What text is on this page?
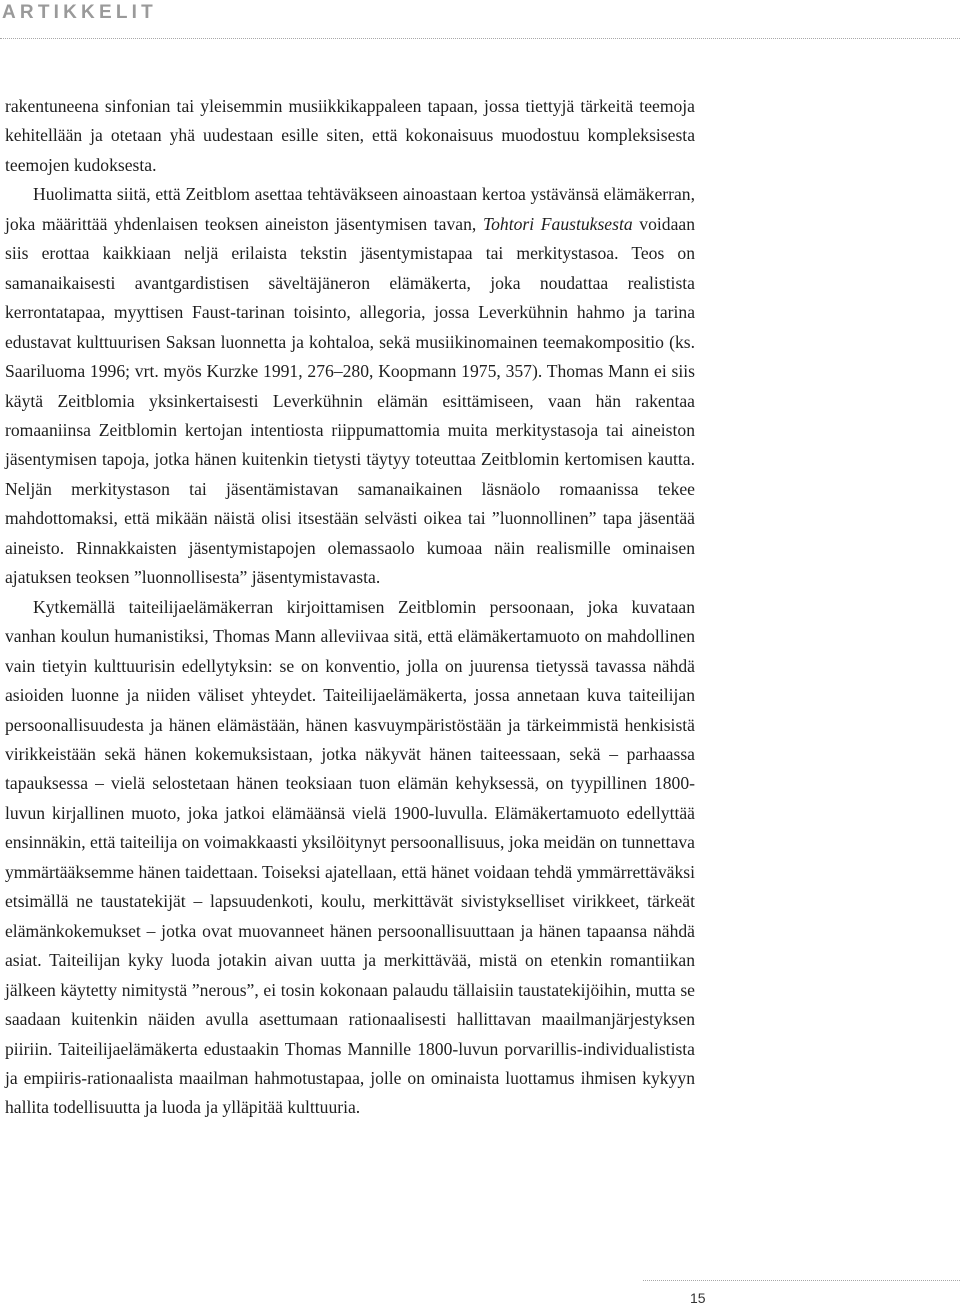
ARTIKKELIT

rakentuneena sinfonian tai yleisemmin musiikkikappaleen tapaan, jossa tiettyjä tärkeitä teemoja kehitellään ja otetaan yhä uudestaan esille siten, että kokonaisuus muodostuu kompleksisesta teemojen kudoksesta.

Huolimatta siitä, että Zeitblom asettaa tehtäväkseen ainoastaan kertoa ystävänsä elämäkerran, joka määrittää yhdenlaisen teoksen aineiston jäsentymisen tavan, Tohtori Faustuksesta voidaan siis erottaa kaikkiaan neljä erilaista tekstin jäsentymistapaa tai merkitystasoa. Teos on samanaikaisesti avantgardistisen säveltäjäneron elämäkerta, joka noudattaa realistista kerrontatapaa, myyttisen Faust-tarinan toisinto, allegoria, jossa Leverkühnin hahmo ja tarina edustavat kulttuurisen Saksan luonnetta ja kohtaloa, sekä musiikinomainen teemakompositio (ks. Saariluoma 1996; vrt. myös Kurzke 1991, 276–280, Koopmann 1975, 357). Thomas Mann ei siis käytä Zeitblomia yksinkertaisesti Leverkühnin elämän esittämiseen, vaan hän rakentaa romaaniinsa Zeitblomin kertojan intentiosta riippumattomia muita merkitystasoja tai aineiston jäsentymisen tapoja, jotka hänen kuitenkin tietysti täytyy toteuttaa Zeitblomin kertomisen kautta. Neljän merkitystason tai jäsentämistavan samanaikainen läsnäolo romaanissa tekee mahdottomaksi, että mikään näistä olisi itsestään selvästi oikea tai ”luonnollinen” tapa jäsentää aineisto. Rinnakkaisten jäsentymistapojen olemassaolo kumoaa näin realismille ominaisen ajatuksen teoksen ”luonnollisesta” jäsentymistavasta.

Kytkemällä taiteilijaelämäkerran kirjoittamisen Zeitblomin persoonaan, joka kuvataan vanhan koulun humanistiksi, Thomas Mann alleviivaa sitä, että elämäkertamuoto on mahdollinen vain tietyin kulttuurisin edellytyksin: se on konventio, jolla on juurensa tietyssä tavassa nähdä asioiden luonne ja niiden väliset yhteydet. Taiteilijaelämäkerta, jossa annetaan kuva taiteilijan persoonallisuudesta ja hänen elämästään, hänen kasvuympäristöstään ja tärkeimmistä henkisistä virikkeistään sekä hänen kokemuksistaan, jotka näkyvät hänen taiteessaan, sekä – parhaassa tapauksessa – vielä selostetaan hänen teoksiaan tuon elämän kehyksessä, on tyypillinen 1800-luvun kirjallinen muoto, joka jatkoi elämäänsä vielä 1900-luvulla. Elämäkertamuoto edellyttää ensinnäkin, että taiteilija on voimakkaasti yksilöitynyt persoonallisuus, joka meidän on tunnettava ymmärtääksemme hänen taidettaan. Toiseksi ajatellaan, että hänet voidaan tehdä ymmärrettäväksi etsimällä ne taustatekijät – lapsuudenkoti, koulu, merkittävät sivistykselliset virikkeet, tärkeät elämänkokemukset – jotka ovat muovanneet hänen persoonallisuuttaan ja hänen tapaansa nähdä asiat. Taiteilijan kyky luoda jotakin aivan uutta ja merkittävää, mistä on etenkin romantiikan jälkeen käytetty nimitystä ”nerous”, ei tosin kokonaan palaudu tällaisiin taustatekijöihin, mutta se saadaan kuitenkin näiden avulla asettumaan rationaalisesti hallittavan maailmanjärjestyksen piiriin. Taiteilijaelämäkerta edustaakin Thomas Mannille 1800-luvun porvarillis-individualistista ja empiiris-rationaalista maailman hahmotustapaa, jolle on ominaista luottamus ihmisen kykyyn hallita todellisuutta ja luoda ja ylläpitää kulttuuria.

15
